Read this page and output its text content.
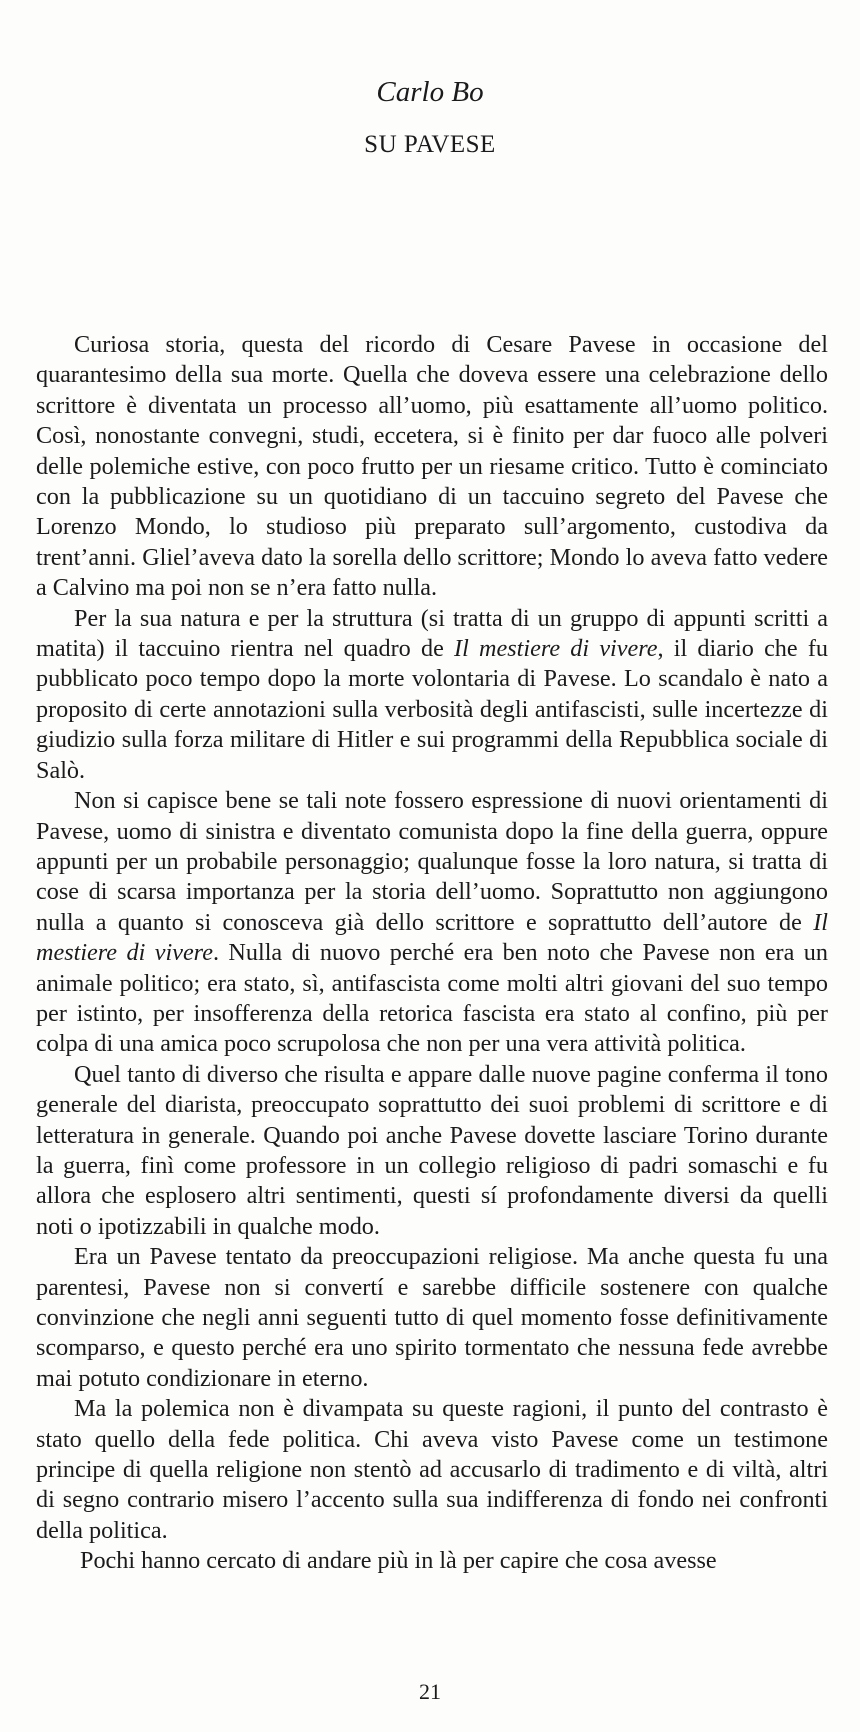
Carlo Bo
SU PAVESE

Curiosa storia, questa del ricordo di Cesare Pavese in occasione del quarantesimo della sua morte. Quella che doveva essere una celebrazione dello scrittore è diventata un processo all’uomo, più esattamente all’uomo politico. Così, nonostante convegni, studi, eccetera, si è finito per dar fuoco alle polveri delle polemiche estive, con poco frutto per un riesame critico. Tutto è cominciato con la pubblicazione su un quotidiano di un taccuino segreto del Pavese che Lorenzo Mondo, lo studioso più preparato sull’argomento, custodiva da trent’anni. Gliel’aveva dato la sorella dello scrittore; Mondo lo aveva fatto vedere a Calvino ma poi non se n’era fatto nulla.

Per la sua natura e per la struttura (si tratta di un gruppo di appunti scritti a matita) il taccuino rientra nel quadro de Il mestiere di vivere, il diario che fu pubblicato poco tempo dopo la morte volontaria di Pavese. Lo scandalo è nato a proposito di certe annotazioni sulla verbosità degli antifascisti, sulle incertezze di giudizio sulla forza militare di Hitler e sui programmi della Repubblica sociale di Salò.

Non si capisce bene se tali note fossero espressione di nuovi orientamenti di Pavese, uomo di sinistra e diventato comunista dopo la fine della guerra, oppure appunti per un probabile personaggio; qualunque fosse la loro natura, si tratta di cose di scarsa importanza per la storia dell’uomo. Soprattutto non aggiungono nulla a quanto si conosceva già dello scrittore e soprattutto dell’autore de Il mestiere di vivere. Nulla di nuovo perché era ben noto che Pavese non era un animale politico; era stato, sì, antifascista come molti altri giovani del suo tempo per istinto, per insofferenza della retorica fascista era stato al confino, più per colpa di una amica poco scrupolosa che non per una vera attività politica.

Quel tanto di diverso che risulta e appare dalle nuove pagine conferma il tono generale del diarista, preoccupato soprattutto dei suoi problemi di scrittore e di letteratura in generale. Quando poi anche Pavese dovette lasciare Torino durante la guerra, finì come professore in un collegio religioso di padri somaschi e fu allora che esplosero altri sentimenti, questi sí profondamente diversi da quelli noti o ipotizzabili in qualche modo.

Era un Pavese tentato da preoccupazioni religiose. Ma anche questa fu una parentesi, Pavese non si convertí e sarebbe difficile sostenere con qualche convinzione che negli anni seguenti tutto di quel momento fosse definitivamente scomparso, e questo perché era uno spirito tormentato che nessuna fede avrebbe mai potuto condizionare in eterno.

Ma la polemica non è divampata su queste ragioni, il punto del contrasto è stato quello della fede politica. Chi aveva visto Pavese come un testimone principe di quella religione non stentò ad accusarlo di tradimento e di viltà, altri di segno contrario misero l’accento sulla sua indifferenza di fondo nei confronti della politica.

Pochi hanno cercato di andare più in là per capire che cosa avesse

21
